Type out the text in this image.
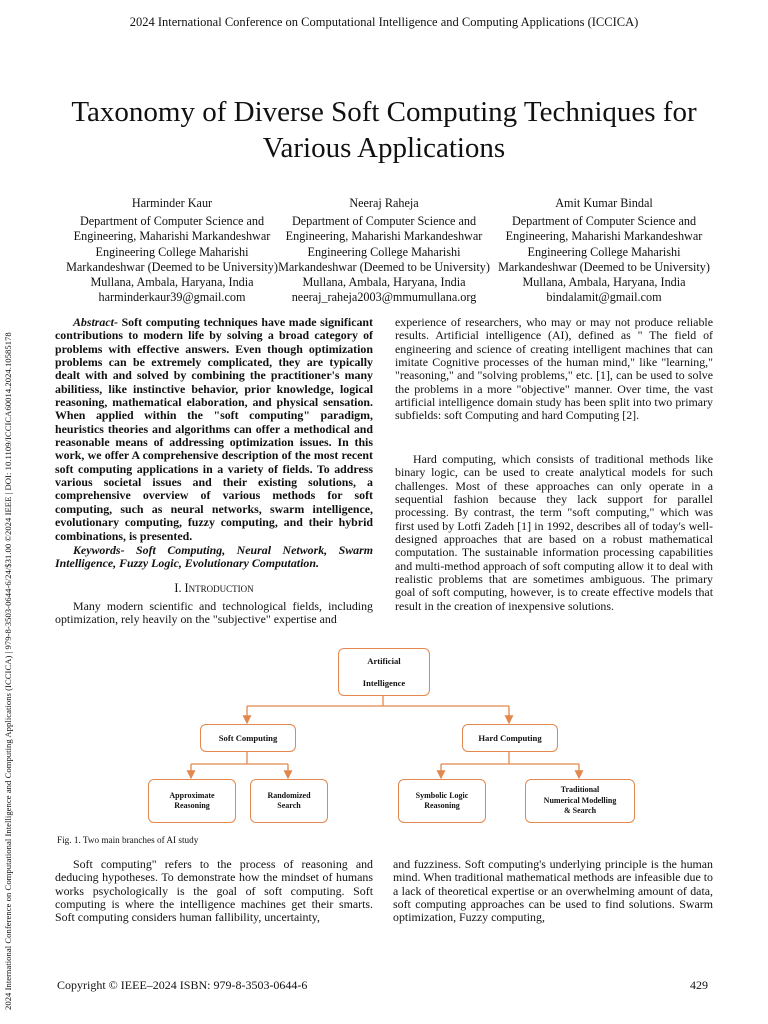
2024 International Conference on Computational Intelligence and Computing Applications (ICCICA)
2024 International Conference on Computational Intelligence and Computing Applications (ICCICA) | 979-8-3503-0644-6/24/$31.00 ©2024 IEEE | DOI: 10.1109/ICCICA60014.2024.10585178
Taxonomy of Diverse Soft Computing Techniques for
Various Applications
Harminder Kaur
Department of Computer Science and
Engineering, Maharishi Markandeshwar
Engineering College Maharishi
Markandeshwar (Deemed to be University)
Mullana, Ambala, Haryana, India
harminderkaur39@gmail.com
Neeraj Raheja
Department of Computer Science and
Engineering, Maharishi Markandeshwar
Engineering College Maharishi
Markandeshwar (Deemed to be University)
Mullana, Ambala, Haryana, India
neeraj_raheja2003@mmumullana.org
Amit Kumar Bindal
Department of Computer Science and
Engineering, Maharishi Markandeshwar
Engineering College Maharishi
Markandeshwar (Deemed to be University)
Mullana, Ambala, Haryana, India
bindalamit@gmail.com

Abstract- Soft computing techniques have made significant contributions to modern life by solving a broad category of problems with effective answers. Even though optimization problems can be extremely complicated, they are typically dealt with and solved by combining the practitioner's many abilitiess, like instinctive behavior, prior knowledge, logical reasoning, mathematical elaboration, and physical sensation. When applied within the "soft computing" paradigm, heuristics theories and algorithms can offer a methodical and reasonable means of addressing optimization issues. In this work, we offer A comprehensive description of the most recent soft computing applications in a variety of fields. To address various societal issues and their existing solutions, a comprehensive overview of various methods for soft computing, such as neural networks, swarm intelligence, evolutionary computing, fuzzy computing, and their hybrid combinations, is presented.

Keywords- Soft Computing, Neural Network, Swarm Intelligence, Fuzzy Logic, Evolutionary Computation.

I. Introduction

Many modern scientific and technological fields, including optimization, rely heavily on the "subjective" expertise and

experience of researchers, who may or may not produce reliable results. Artificial intelligence (AI), defined as " The field of engineering and science of creating intelligent machines that can imitate Cognitive processes of the human mind," like "learning," "reasoning," and "solving problems," etc. [1], can be used to solve the problems in a more "objective" manner. Over time, the vast artificial intelligence domain study has been split into two primary subfields: soft Computing and hard Computing [2].

Hard computing, which consists of traditional methods like binary logic, can be used to create analytical models for such challenges. Most of these approaches can only operate in a sequential fashion because they lack support for parallel processing. By contrast, the term "soft computing," which was first used by Lotfi Zadeh [1] in 1992, describes all of today's well-designed approaches that are based on a robust mathematical computation. The sustainable information processing capabilities and multi-method approach of soft computing allow it to deal with realistic problems that are sometimes ambiguous. The primary goal of soft computing, however, is to create effective models that result in the creation of inexpensive solutions.

Artificial
Intelligence
Soft Computing	Hard Computing
Approximate
Reasoning
Randomized
Search
Symbolic Logic
Reasoning
Traditional
Numerical Modelling
& Search
Fig. 1. Two main branches of AI study

Soft computing" refers to the process of reasoning and deducing hypotheses. To demonstrate how the mindset of humans works psychologically is the goal of soft computing. Soft computing is where the intelligence machines get their smarts. Soft computing considers human fallibility, uncertainty,

and fuzziness. Soft computing's underlying principle is the human mind. When traditional mathematical methods are infeasible due to a lack of theoretical expertise or an overwhelming amount of data, soft computing approaches can be used to find solutions. Swarm optimization, Fuzzy computing,

Copyright © IEEE–2024 ISBN: 979-8-3503-0644-6	429
